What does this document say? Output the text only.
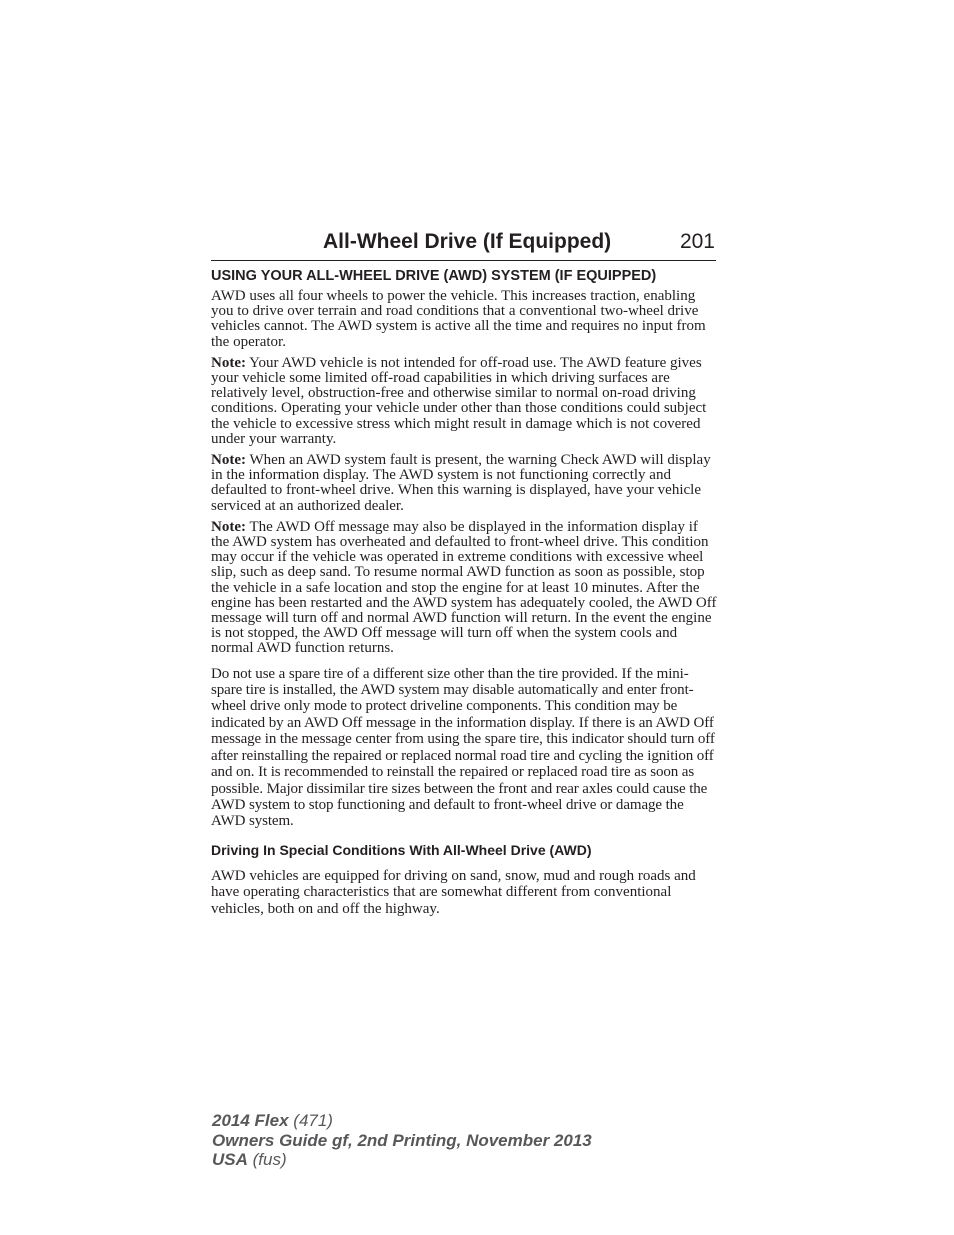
All-Wheel Drive (If Equipped)	201
USING YOUR ALL-WHEEL DRIVE (AWD) SYSTEM (IF EQUIPPED)

AWD uses all four wheels to power the vehicle. This increases traction, enabling you to drive over terrain and road conditions that a conventional two-wheel drive vehicles cannot. The AWD system is active all the time and requires no input from the operator.

Note: Your AWD vehicle is not intended for off-road use. The AWD feature gives your vehicle some limited off-road capabilities in which driving surfaces are relatively level, obstruction-free and otherwise similar to normal on-road driving conditions. Operating your vehicle under other than those conditions could subject the vehicle to excessive stress which might result in damage which is not covered under your warranty.

Note: When an AWD system fault is present, the warning Check AWD will display in the information display. The AWD system is not functioning correctly and defaulted to front-wheel drive. When this warning is displayed, have your vehicle serviced at an authorized dealer.

Note: The AWD Off message may also be displayed in the information display if the AWD system has overheated and defaulted to front-wheel drive. This condition may occur if the vehicle was operated in extreme conditions with excessive wheel slip, such as deep sand. To resume normal AWD function as soon as possible, stop the vehicle in a safe location and stop the engine for at least 10 minutes. After the engine has been restarted and the AWD system has adequately cooled, the AWD Off message will turn off and normal AWD function will return. In the event the engine is not stopped, the AWD Off message will turn off when the system cools and normal AWD function returns.

Do not use a spare tire of a different size other than the tire provided. If the mini-spare tire is installed, the AWD system may disable automatically and enter front-wheel drive only mode to protect driveline components. This condition may be indicated by an AWD Off message in the information display. If there is an AWD Off message in the message center from using the spare tire, this indicator should turn off after reinstalling the repaired or replaced normal road tire and cycling the ignition off and on. It is recommended to reinstall the repaired or replaced road tire as soon as possible. Major dissimilar tire sizes between the front and rear axles could cause the AWD system to stop functioning and default to front-wheel drive or damage the AWD system.

Driving In Special Conditions With All-Wheel Drive (AWD)

AWD vehicles are equipped for driving on sand, snow, mud and rough roads and have operating characteristics that are somewhat different from conventional vehicles, both on and off the highway.

2014 Flex (471)
Owners Guide gf, 2nd Printing, November 2013
USA (fus)
